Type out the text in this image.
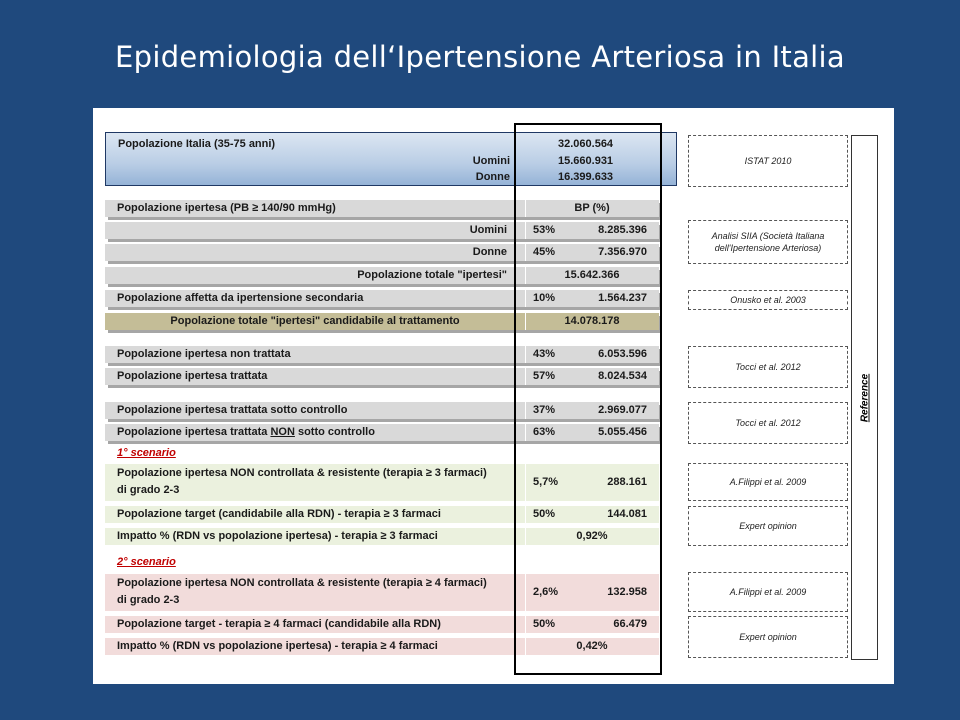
Epidemiologia dell‘Ipertensione Arteriosa in Italia
Popolazione Italia (35-75 anni)	32.060.564
Uomini	15.660.931
Donne	16.399.633
Popolazione ipertesa (PB ≥ 140/90 mmHg)	BP (%)
Uomini 53%	8.285.396
Donne 45%	7.356.970
Popolazione totale "ipertesi"	15.642.366
Popolazione affetta da ipertensione secondaria	10%	1.564.237
Popolazione totale "ipertesi" candidabile al trattamento	14.078.178
Popolazione ipertesa non trattata	43%	6.053.596
Popolazione ipertesa trattata	57%	8.024.534
Popolazione ipertesa trattata sotto controllo	37%	2.969.077
Popolazione ipertesa trattata NON sotto controllo	63%	5.055.456
1° scenario
Popolazione ipertesa NON controllata & resistente (terapia ≥ 3 farmaci)
di grado 2-3
5,7%	288.161
Popolazione target (candidabile alla RDN) - terapia ≥ 3 farmaci	50%	144.081
Impatto % (RDN vs popolazione ipertesa) - terapia ≥ 3 farmaci	0,92%
2° scenario
Popolazione ipertesa NON controllata & resistente (terapia ≥ 4 farmaci)
di grado 2-3
2,6%	132.958
Popolazione target - terapia ≥ 4 farmaci (candidabile alla RDN)	50%	66.479
Impatto % (RDN vs popolazione ipertesa) - terapia ≥ 4 farmaci	0,42%
ISTAT 2010
Analisi SIIA (Società Italiana
dell'Ipertensione Arteriosa)
Onusko et al. 2003
Tocci et al. 2012
Tocci et al. 2012
A.Filippi et al. 2009
Expert opinion
A.Filippi et al. 2009
Expert opinion
Reference
